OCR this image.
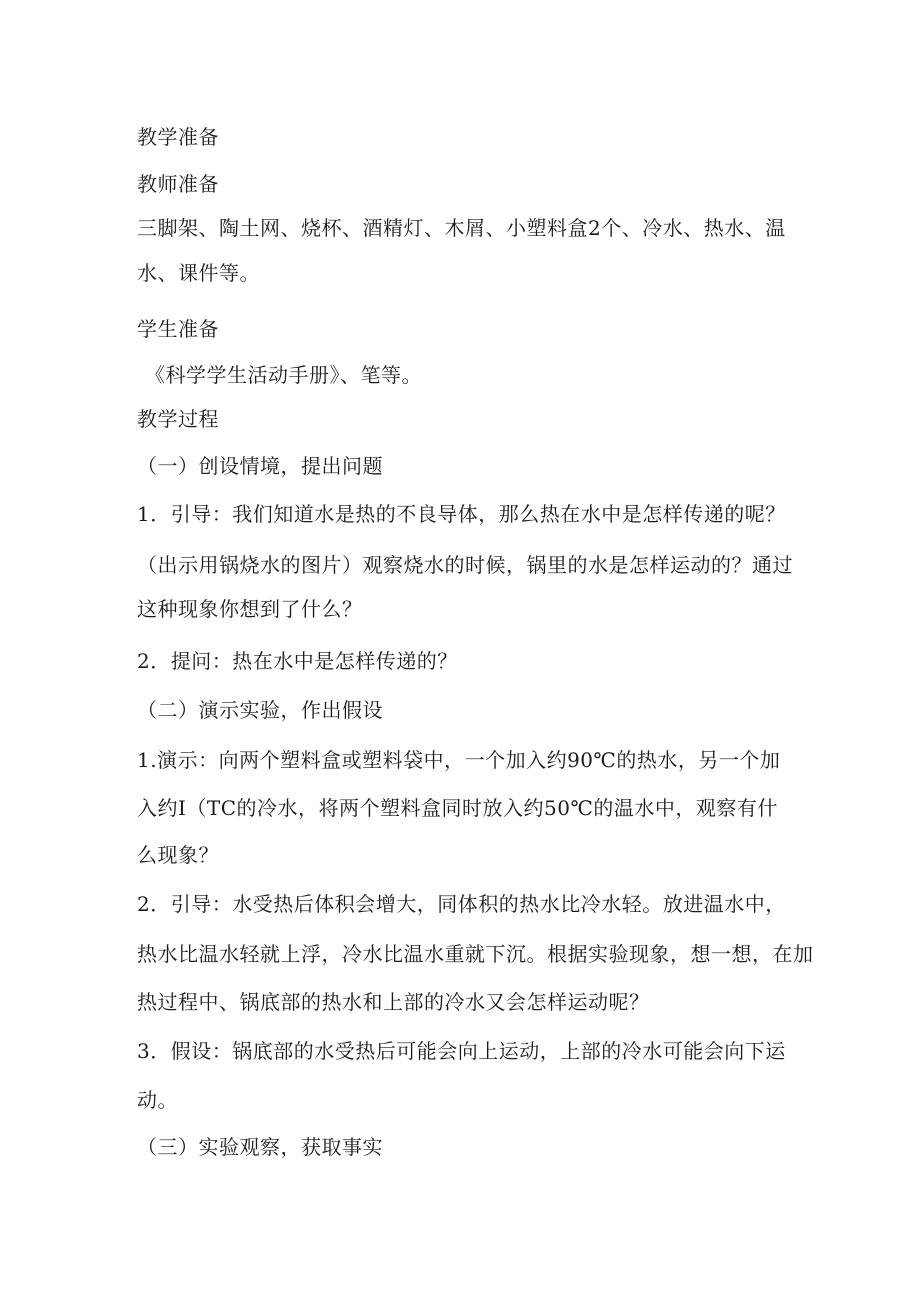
教学准备
教师准备
三脚架、陶土网、烧杯、酒精灯、木屑、小塑料盒2个、冷水、热水、温
水、课件等。
学生准备
《科学学生活动手册》、笔等。
教学过程
（一）创设情境，提出问题
1．引导：我们知道水是热的不良导体，那么热在水中是怎样传递的呢？
（出示用锅烧水的图片）观察烧水的时候，锅里的水是怎样运动的？通过
这种现象你想到了什么？
2．提问：热在水中是怎样传递的？
（二）演示实验，作出假设
1.演示：向两个塑料盒或塑料袋中，一个加入约90℃的热水，另一个加
入约I（TC的冷水，将两个塑料盒同时放入约50℃的温水中，观察有什
么现象？
2．引导：水受热后体积会增大，同体积的热水比冷水轻。放进温水中，
热水比温水轻就上浮，冷水比温水重就下沉。根据实验现象，想一想，在加
热过程中、锅底部的热水和上部的冷水又会怎样运动呢？
3．假设：锅底部的水受热后可能会向上运动，上部的冷水可能会向下运
动。
（三）实验观察，获取事实
